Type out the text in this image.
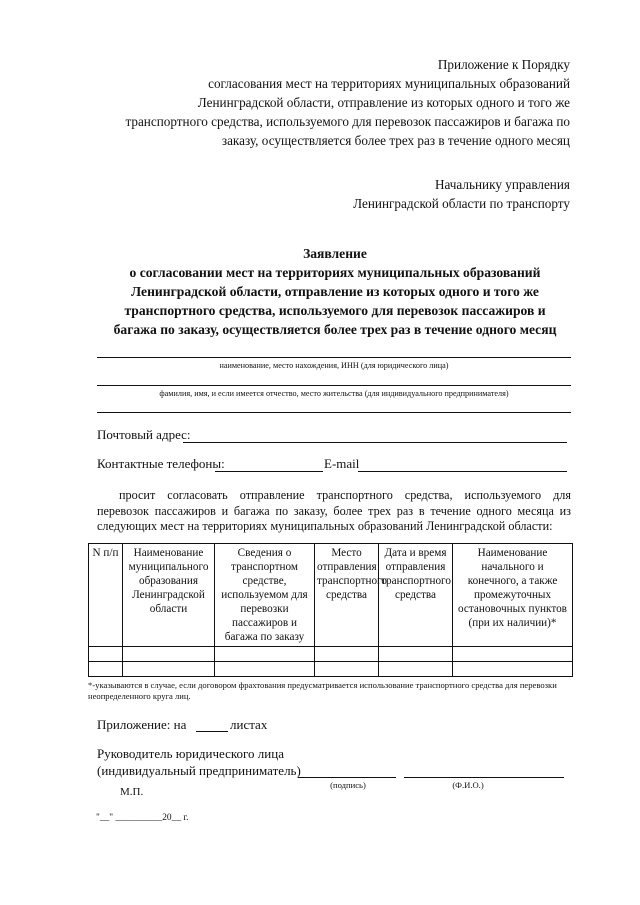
Приложение к Порядку
согласования мест на территориях муниципальных образований
Ленинградской области, отправление из которых одного и того же
транспортного средства, используемого для перевозок пассажиров и багажа по
заказу, осуществляется более трех раз в течение одного месяц
Начальнику управления
Ленинградской области по транспорту
Заявление
о согласовании мест на территориях муниципальных образований
Ленинградской области, отправление из которых одного и того же
транспортного средства, используемого для перевозок пассажиров и
багажа по заказу, осуществляется более трех раз в течение одного месяц
наименование, место нахождения, ИНН (для юридического лица)
фамилия, имя, и если имеется отчество, место жительства (для индивидуального предпринимателя)
Почтовый адрес:
Контактные телефоны:	E-mail
просит согласовать отправление транспортного средства, используемого для перевозок пассажиров и багажа по заказу, более трех раз в течение одного месяца из следующих мест на территориях муниципальных образований Ленинградской области:
N п/п	Наименование муниципального образования Ленинградской области	Сведения о транспортном средстве, используемом для перевозки пассажиров и багажа по заказу	Место отправления транспортного средства	Дата и время отправления транспортного средства	Наименование начального и конечного, а также промежуточных остановочных пунктов (при их наличии)*

*-указываются в случае, если договором фрахтования предусматривается использование транспортного средства для перевозки неопределенного круга лиц.
Приложение: на	листах
Руководитель юридического лица
(индивидуальный предприниматель)
(подпись)	(Ф.И.О.)
М.П.
"__" __________20__ г.
